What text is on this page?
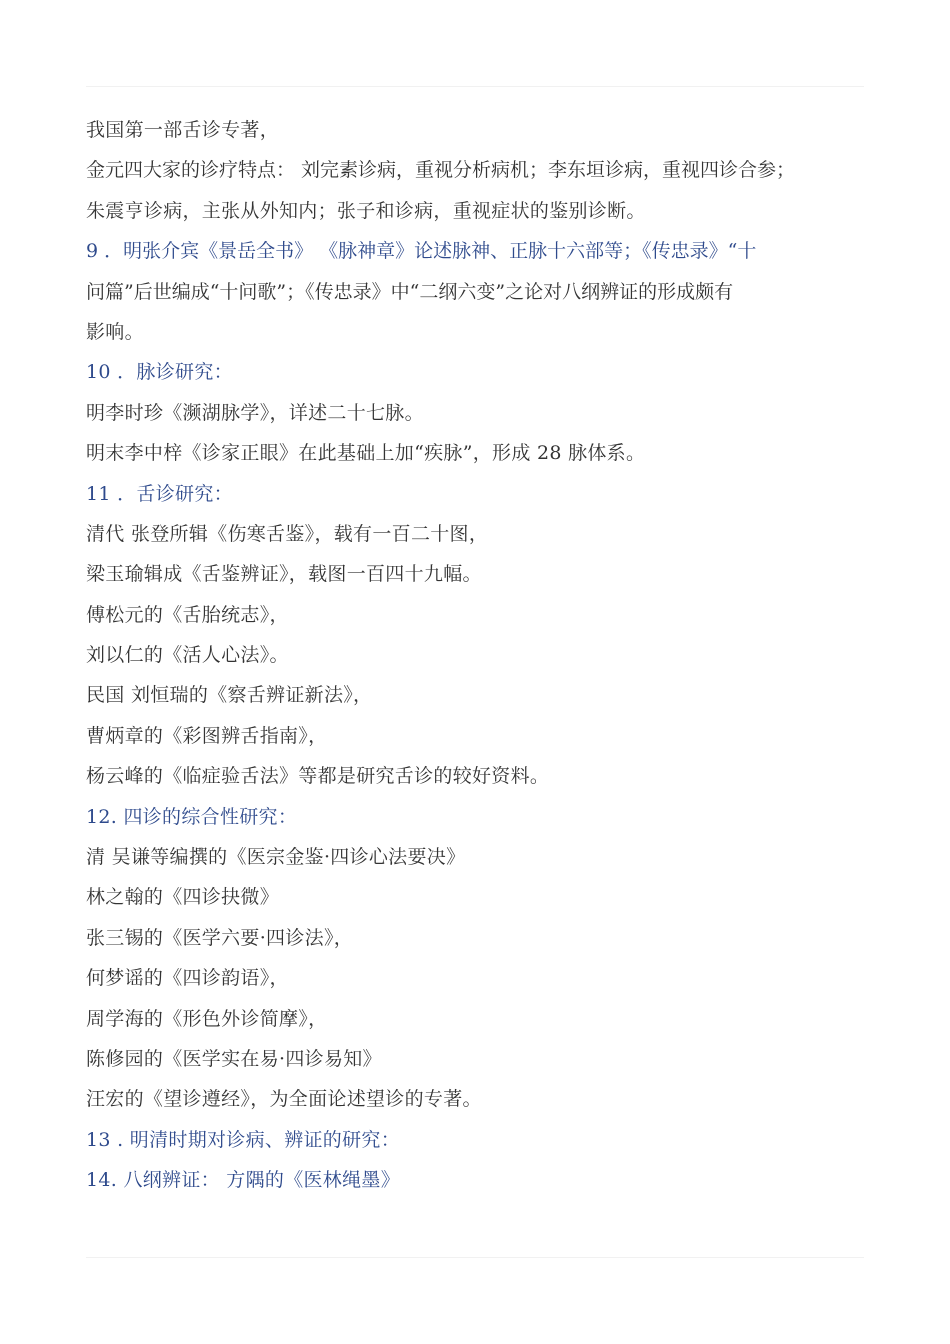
我国第一部舌诊专著，
金元四大家的诊疗特点： 刘完素诊病，重视分析病机；李东垣诊病，重视四诊合参；
朱震亨诊病，主张从外知内；张子和诊病，重视症状的鉴别诊断。
9 ．明张介宾《景岳全书》 《脉神章》论述脉神、正脉十六部等；《传忠录》“十
问篇”后世编成“十问歌”；《传忠录》中“二纲六变”之论对八纲辨证的形成颇有
影响。
10 ．脉诊研究：
明李时珍《濒湖脉学》，详述二十七脉。
明末李中梓《诊家正眼》在此基础上加“疾脉”，形成 28 脉体系。
11 ．舌诊研究：
清代 张登所辑《伤寒舌鉴》，载有一百二十图，
梁玉瑜辑成《舌鉴辨证》，载图一百四十九幅。
傅松元的《舌胎统志》，
刘以仁的《活人心法》。
民国 刘恒瑞的《察舌辨证新法》，
曹炳章的《彩图辨舌指南》，
杨云峰的《临症验舌法》等都是研究舌诊的较好资料。
12. 四诊的综合性研究：
清 吴谦等编撰的《医宗金鉴·四诊心法要决》
林之翰的《四诊抉微》
张三锡的《医学六要·四诊法》，
何梦谣的《四诊韵语》，
周学海的《形色外诊简摩》，
陈修园的《医学实在易·四诊易知》
汪宏的《望诊遵经》，为全面论述望诊的专著。
13 . 明清时期对诊病、辨证的研究：
14. 八纲辨证： 方隅的《医林绳墨》
